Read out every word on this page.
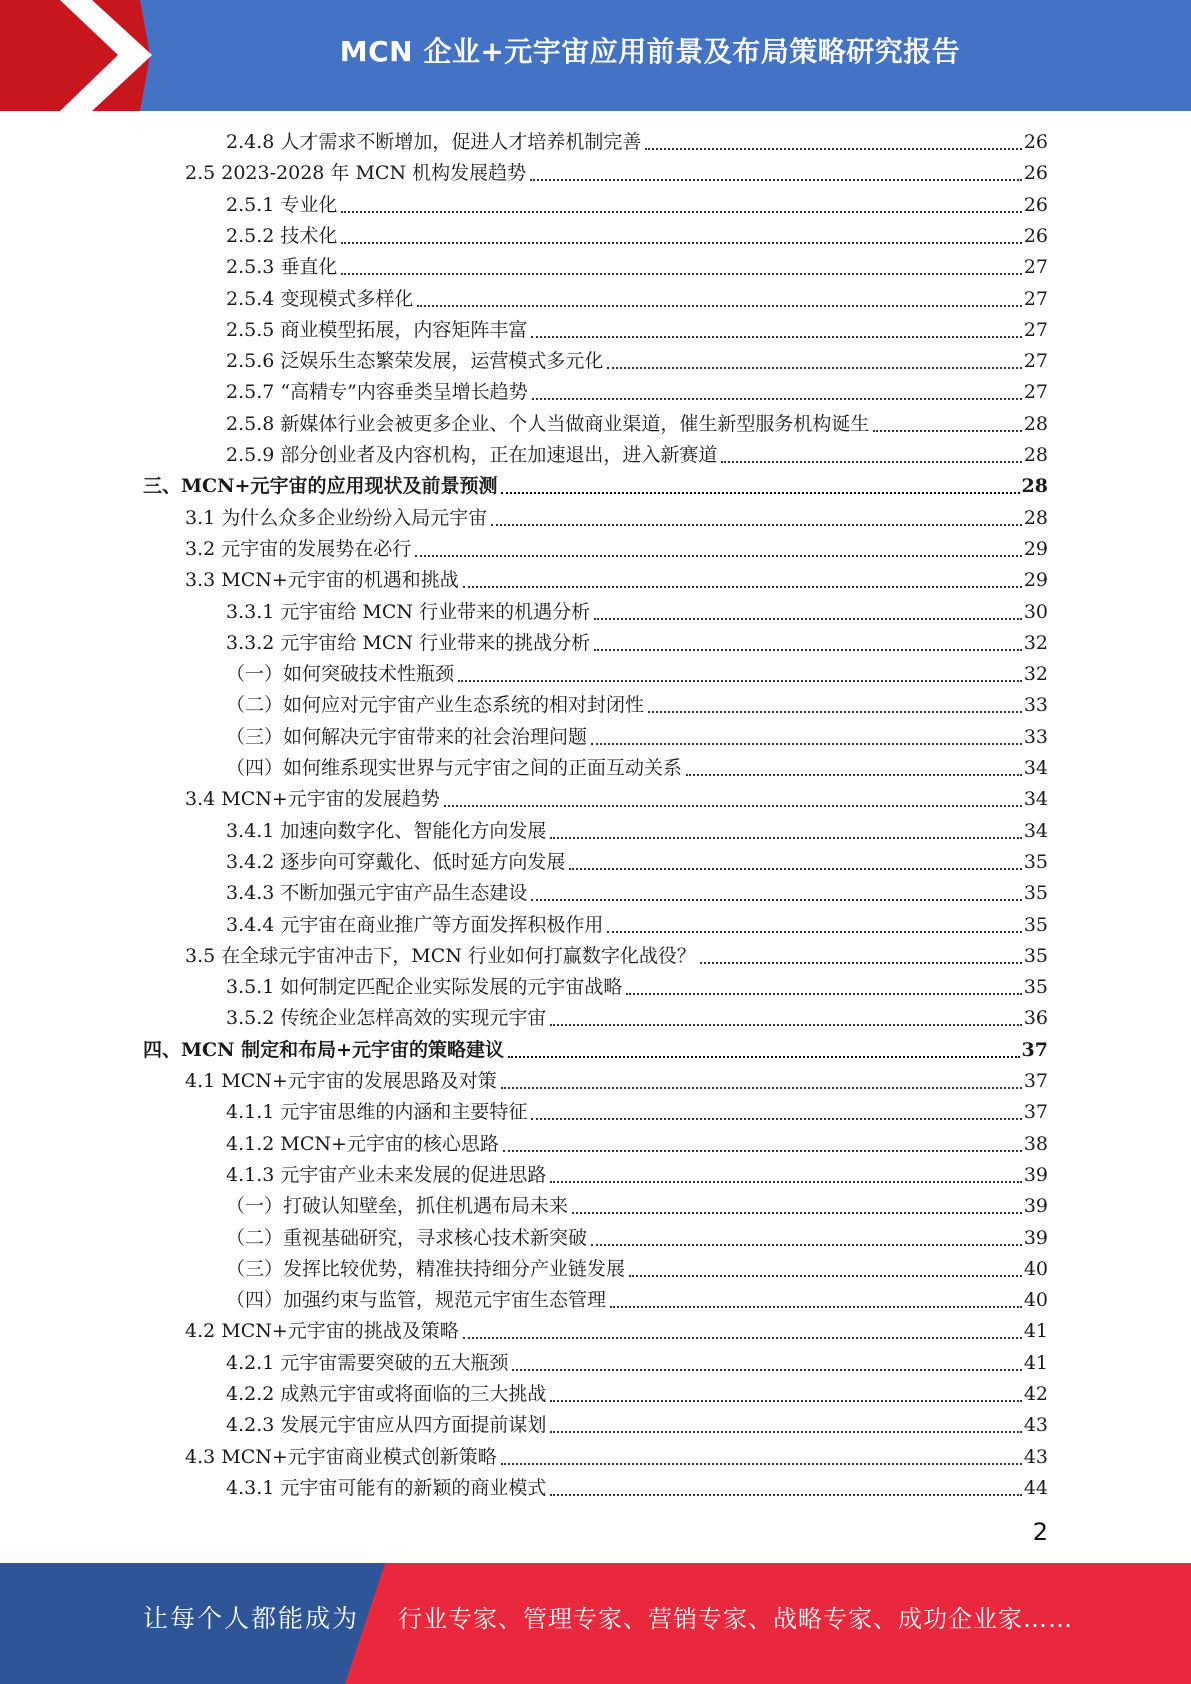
MCN 企业+元宇宙应用前景及布局策略研究报告
2.4.8 人才需求不断增加，促进人才培养机制完善	26
2.5 2023-2028 年 MCN 机构发展趋势	26
2.5.1 专业化	26
2.5.2 技术化	26
2.5.3 垂直化	27
2.5.4 变现模式多样化	27
2.5.5 商业模型拓展，内容矩阵丰富	27
2.5.6 泛娱乐生态繁荣发展，运营模式多元化	27
2.5.7 “高精专”内容垂类呈增长趋势	27
2.5.8 新媒体行业会被更多企业、个人当做商业渠道，催生新型服务机构诞生	28
2.5.9 部分创业者及内容机构，正在加速退出，进入新赛道	28
三、MCN+元宇宙的应用现状及前景预测	28
3.1 为什么众多企业纷纷入局元宇宙	28
3.2 元宇宙的发展势在必行	29
3.3 MCN+元宇宙的机遇和挑战	29
3.3.1 元宇宙给 MCN 行业带来的机遇分析	30
3.3.2 元宇宙给 MCN 行业带来的挑战分析	32
（一）如何突破技术性瓶颈	32
（二）如何应对元宇宙产业生态系统的相对封闭性	33
（三）如何解决元宇宙带来的社会治理问题	33
（四）如何维系现实世界与元宇宙之间的正面互动关系	34
3.4 MCN+元宇宙的发展趋势	34
3.4.1 加速向数字化、智能化方向发展	34
3.4.2 逐步向可穿戴化、低时延方向发展	35
3.4.3 不断加强元宇宙产品生态建设	35
3.4.4 元宇宙在商业推广等方面发挥积极作用	35
3.5 在全球元宇宙冲击下，MCN 行业如何打赢数字化战役？	35
3.5.1 如何制定匹配企业实际发展的元宇宙战略	35
3.5.2 传统企业怎样高效的实现元宇宙	36
四、MCN 制定和布局+元宇宙的策略建议	37
4.1 MCN+元宇宙的发展思路及对策	37
4.1.1 元宇宙思维的内涵和主要特征	37
4.1.2 MCN+元宇宙的核心思路	38
4.1.3 元宇宙产业未来发展的促进思路	39
（一）打破认知壁垒，抓住机遇布局未来	39
（二）重视基础研究，寻求核心技术新突破	39
（三）发挥比较优势，精准扶持细分产业链发展	40
（四）加强约束与监管，规范元宇宙生态管理	40
4.2 MCN+元宇宙的挑战及策略	41
4.2.1 元宇宙需要突破的五大瓶颈	41
4.2.2 成熟元宇宙或将面临的三大挑战	42
4.2.3 发展元宇宙应从四方面提前谋划	43
4.3 MCN+元宇宙商业模式创新策略	43
4.3.1 元宇宙可能有的新颖的商业模式	44
2
让每个人都能成为 行业专家、管理专家、营销专家、战略专家、成功企业家……
